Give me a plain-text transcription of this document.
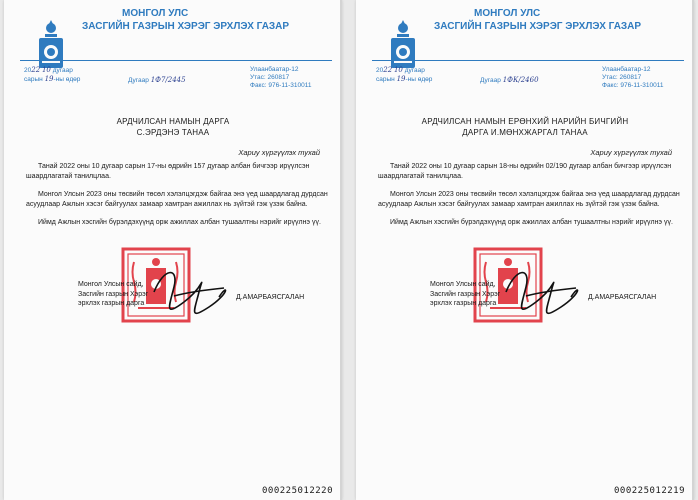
МОНГОЛ УЛС
ЗАСГИЙН ГАЗРЫН ХЭРЭГ ЭРХЛЭХ ГАЗАР
2022 10 дугаар
сарын 19-ны өдөр	Дугаар 1Ф7/2445
Улаанбаатар-12
Утас: 260817
Факс: 976-11-310011
АРДЧИЛСАН НАМЫН ДАРГА
С.ЭРДЭНЭ ТАНАА
Хариу хүргүүлэх тухай

Танай 2022 оны 10 дугаар сарын 17-ны өдрийн 157 дугаар албан бичгээр ирүүлсэн шаардлагатай танилцлаа.

Монгол Улсын 2023 оны төсвийн төсөл хэлэлцэгдэж байгаа энэ үед шаардлагад дурдсан асуудлаар Ажлын хэсэг байгуулах замаар хамтран ажиллах нь зүйтэй гэж үзэж байна.

Иймд Ажлын хэсгийн бүрэлдэхүүнд орж ажиллах албан тушаалтны нэрийг ирүүлнэ үү.

Монгол Улсын сайд,
Засгийн газрын Хэрэг
эрхлэх газрын дарга
Д.АМАРБАЯСГАЛАН
000225012220
МОНГОЛ УЛС
ЗАСГИЙН ГАЗРЫН ХЭРЭГ ЭРХЛЭХ ГАЗАР
2022 10 дугаар
сарын 19-ны өдөр	Дугаар 1ФК/2460
Улаанбаатар-12
Утас: 260817
Факс: 976-11-310011
АРДЧИЛСАН НАМЫН ЕРӨНХИЙ НАРИЙН БИЧГИЙН
ДАРГА И.МӨНХЖАРГАЛ ТАНАА
Хариу хүргүүлэх тухай

Танай 2022 оны 10 дугаар сарын 18-ны өдрийн 02/190 дугаар албан бичгээр ирүүлсэн шаардлагатай танилцлаа.

Монгол Улсын 2023 оны төсвийн төсөл хэлэлцэгдэж байгаа энэ үед шаардлагад дурдсан асуудлаар Ажлын хэсэг байгуулах замаар хамтран ажиллах нь зүйтэй гэж үзэж байна.

Иймд Ажлын хэсгийн бүрэлдэхүүнд орж ажиллах албан тушаалтны нэрийг ирүүлнэ үү.

Монгол Улсын сайд,
Засгийн газрын Хэрэг
эрхлэх газрын дарга
Д.АМАРБАЯСГАЛАН
000225012219
